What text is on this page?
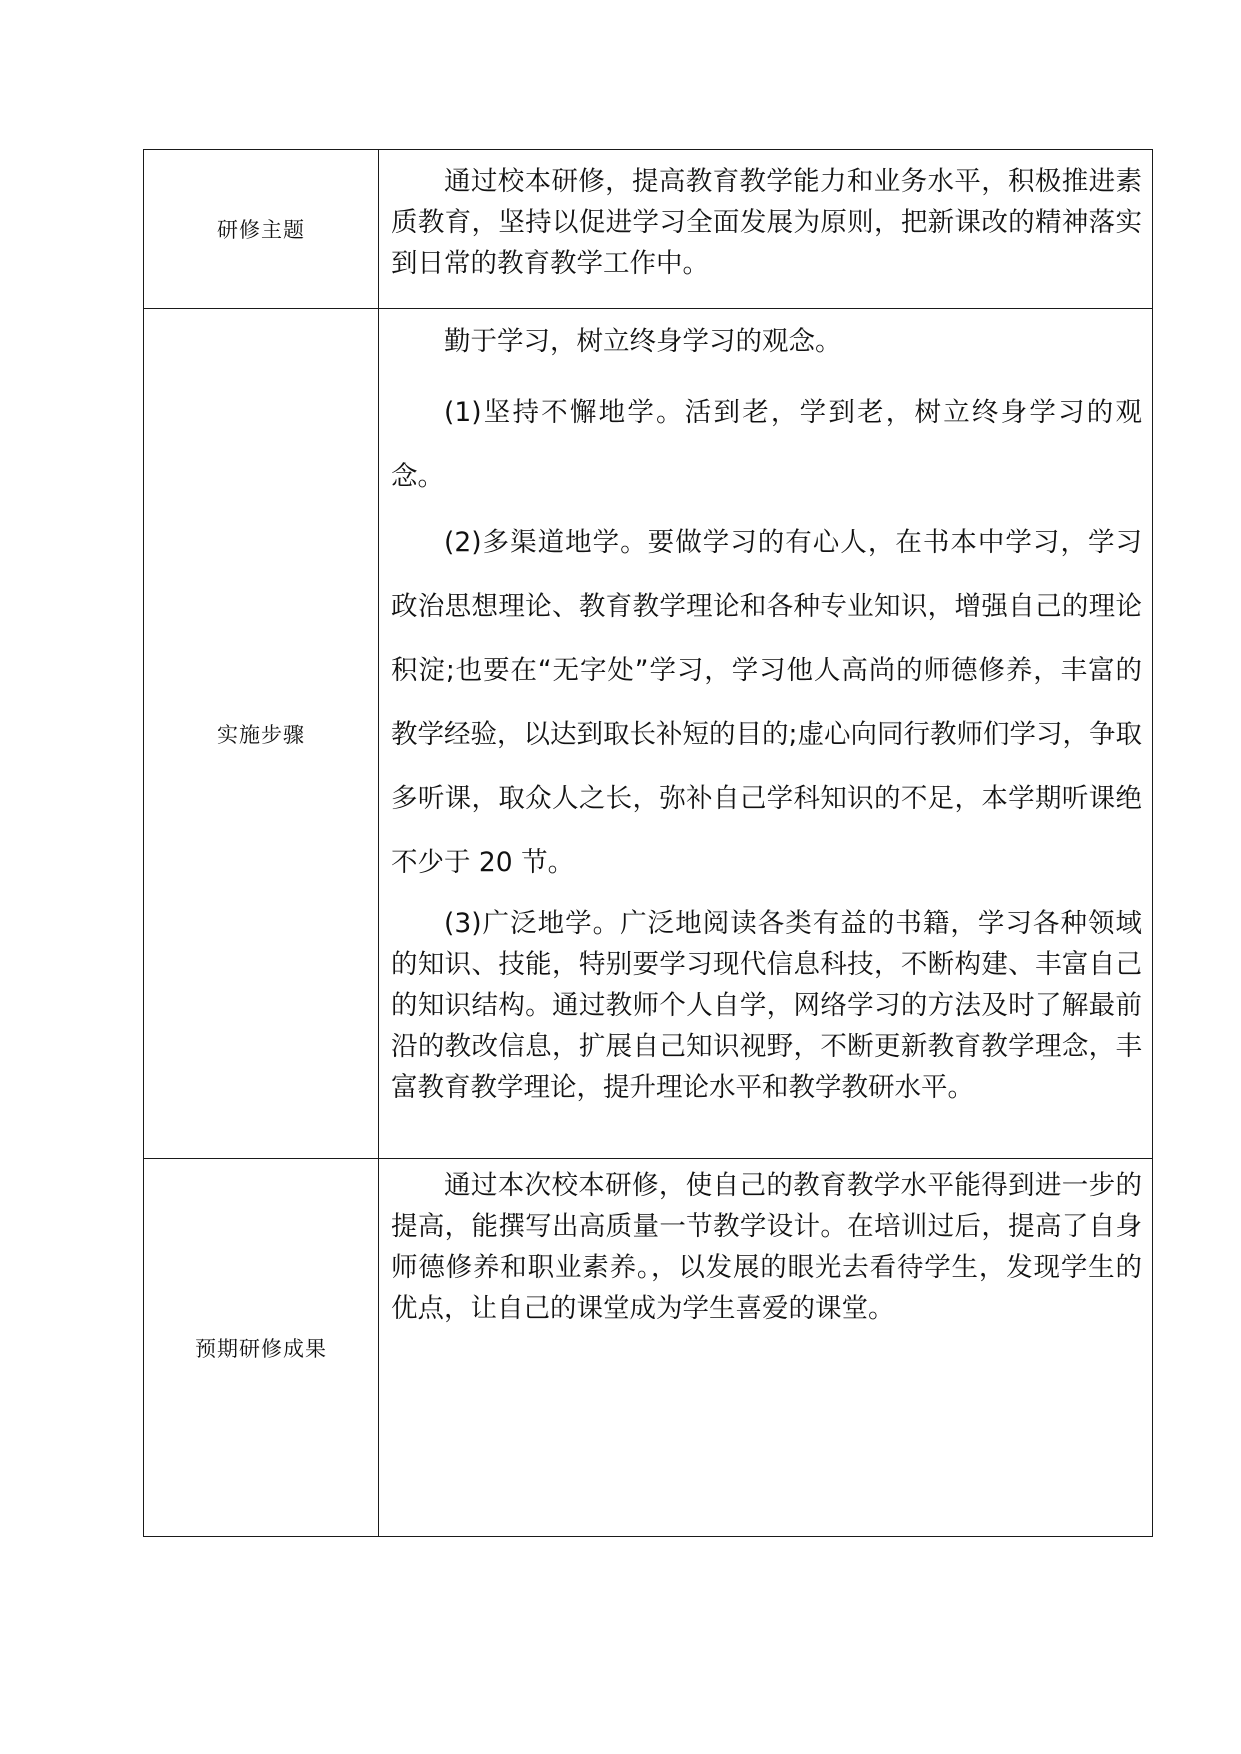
研修主题	通过校本研修，提高教育教学能力和业务水平，积极推进素质教育，坚持以促进学习全面发展为原则，把新课改的精神落实到日常的教育教学工作中。

实施步骤	勤于学习，树立终身学习的观念。

(1)坚持不懈地学。活到老，学到老，树立终身学习的观念。

(2)多渠道地学。要做学习的有心人，在书本中学习，学习政治思想理论、教育教学理论和各种专业知识，增强自己的理论积淀;也要在“无字处”学习，学习他人高尚的师德修养，丰富的教学经验，以达到取长补短的目的;虚心向同行教师们学习，争取多听课，取众人之长，弥补自己学科知识的不足，本学期听课绝不少于 20 节。

(3)广泛地学。广泛地阅读各类有益的书籍，学习各种领域的知识、技能，特别要学习现代信息科技，不断构建、丰富自己的知识结构。通过教师个人自学，网络学习的方法及时了解最前沿的教改信息，扩展自己知识视野，不断更新教育教学理念，丰富教育教学理论，提升理论水平和教学教研水平。

预期研修成果	通过本次校本研修，使自己的教育教学水平能得到进一步的提高，能撰写出高质量一节教学设计。在培训过后，提高了自身师德修养和职业素养。，以发展的眼光去看待学生，发现学生的优点，让自己的课堂成为学生喜爱的课堂。
